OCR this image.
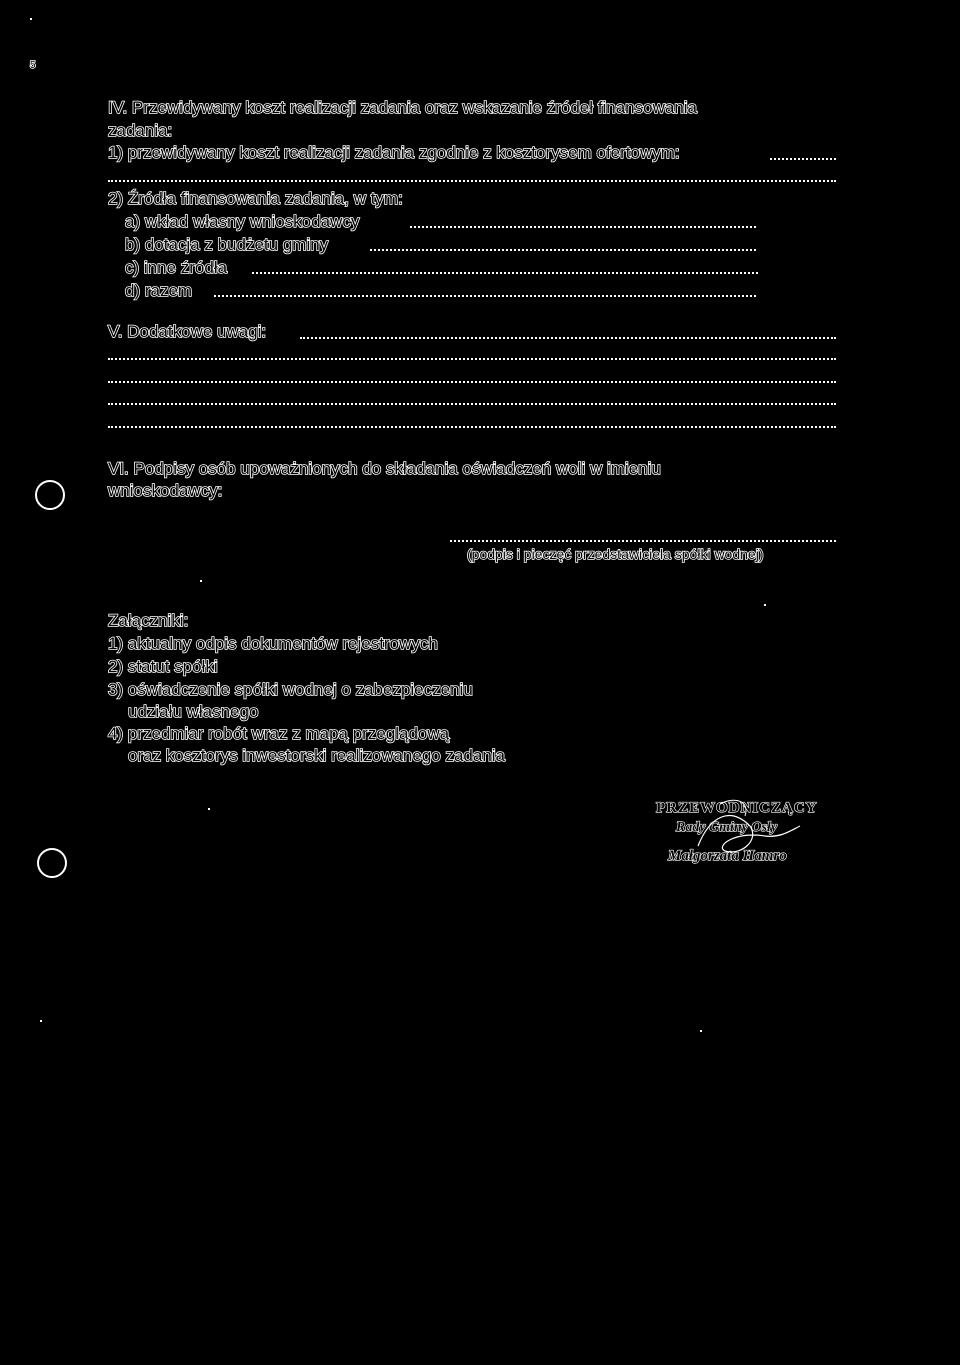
5
IV. Przewidywany koszt realizacji zadania oraz wskazanie źródeł finansowania
zadania:
1) przewidywany koszt realizacji zadania zgodnie z kosztorysem ofertowym:
2) Źródła finansowania zadania, w tym:
a) wkład własny wnioskodawcy
b) dotacja z budżetu gminy
c) inne źródła
d) razem
V. Dodatkowe uwagi:
VI. Podpisy osób upoważnionych do składania oświadczeń woli w imieniu
wnioskodawcy:
(podpis i pieczęć przedstawiciela spółki wodnej)
Załączniki:
1) aktualny odpis dokumentów rejestrowych
2) statut spółki
3) oświadczenie spółki wodnej o zabezpieczeniu
udziału własnego
4) przedmiar robót wraz z mapą przeglądową
oraz kosztorys inwestorski realizowanego zadania
PRZEWODNICZĄCY
Rady Gminy Osły
Małgorzata Hamro
